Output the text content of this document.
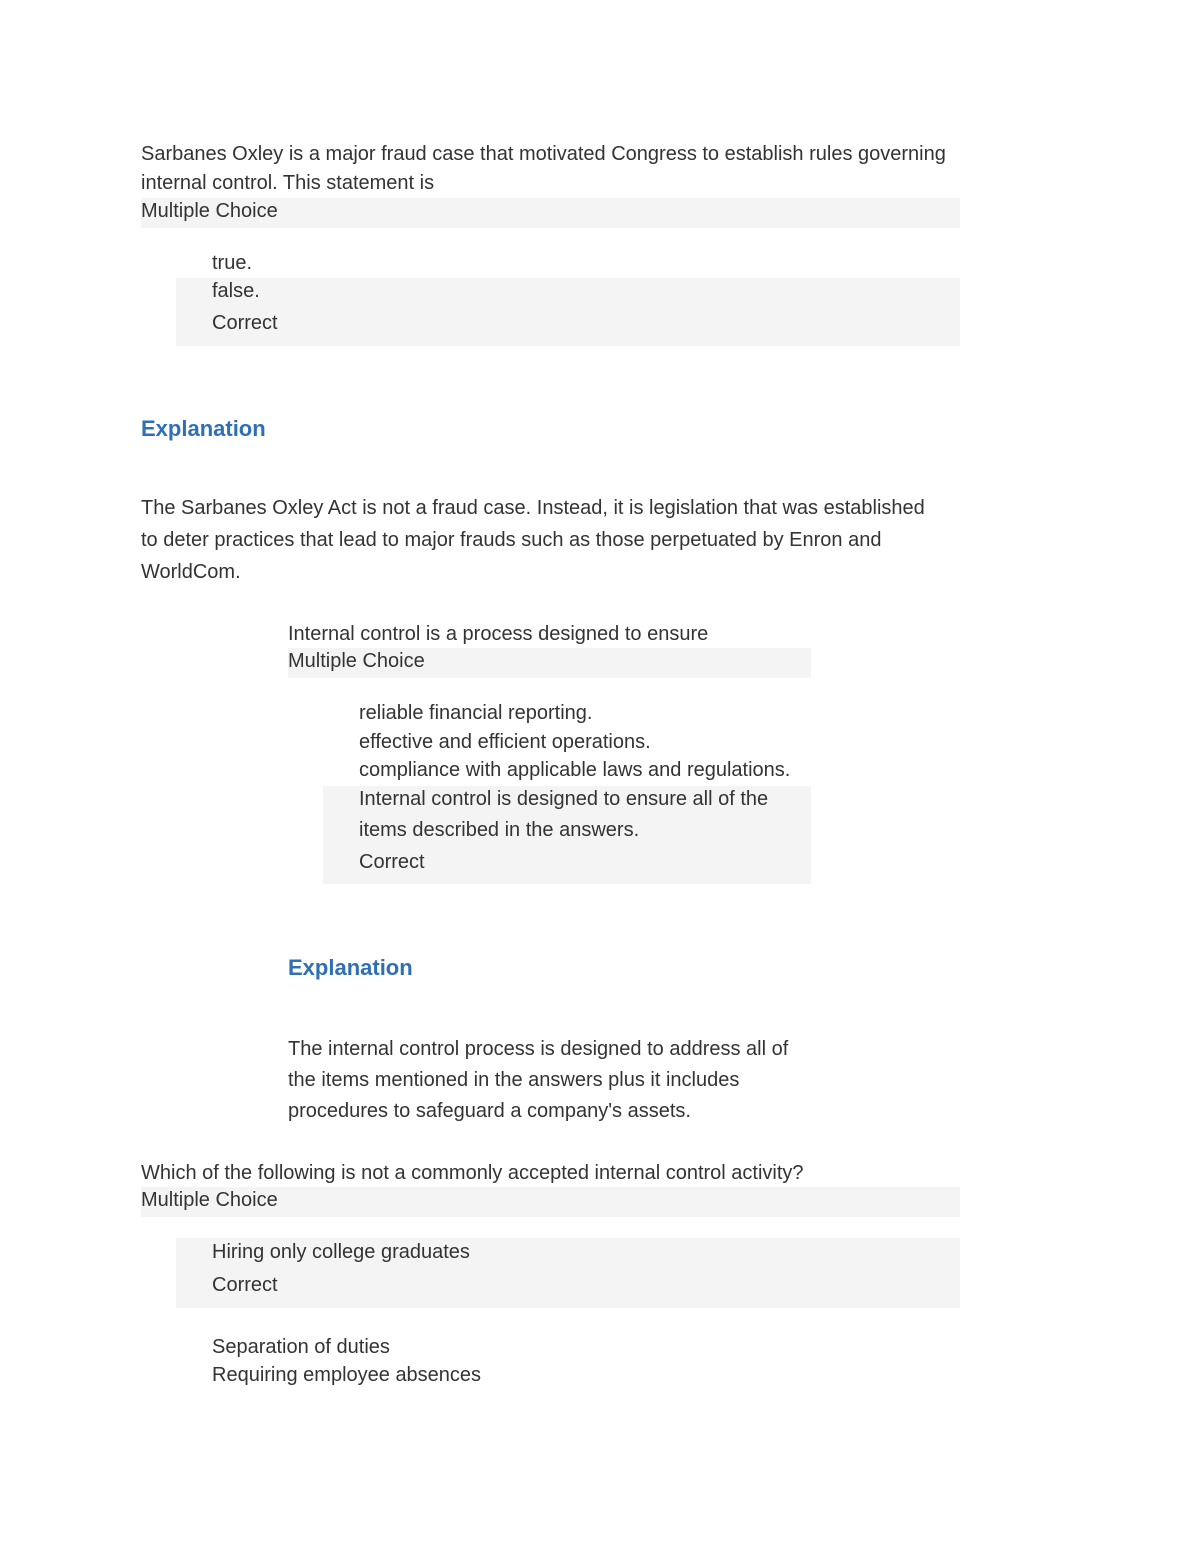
Sarbanes Oxley is a major fraud case that motivated Congress to establish rules governing
internal control. This statement is
Multiple Choice
true.
false.
Correct
Explanation
The Sarbanes Oxley Act is not a fraud case. Instead, it is legislation that was established
to deter practices that lead to major frauds such as those perpetuated by Enron and
WorldCom.
Internal control is a process designed to ensure
Multiple Choice
reliable financial reporting.
effective and efficient operations.
compliance with applicable laws and regulations.
Internal control is designed to ensure all of the
items described in the answers.
Correct
Explanation
The internal control process is designed to address all of
the items mentioned in the answers plus it includes
procedures to safeguard a company's assets.
Which of the following is not a commonly accepted internal control activity?
Multiple Choice
Hiring only college graduates
Correct
Separation of duties
Requiring employee absences
